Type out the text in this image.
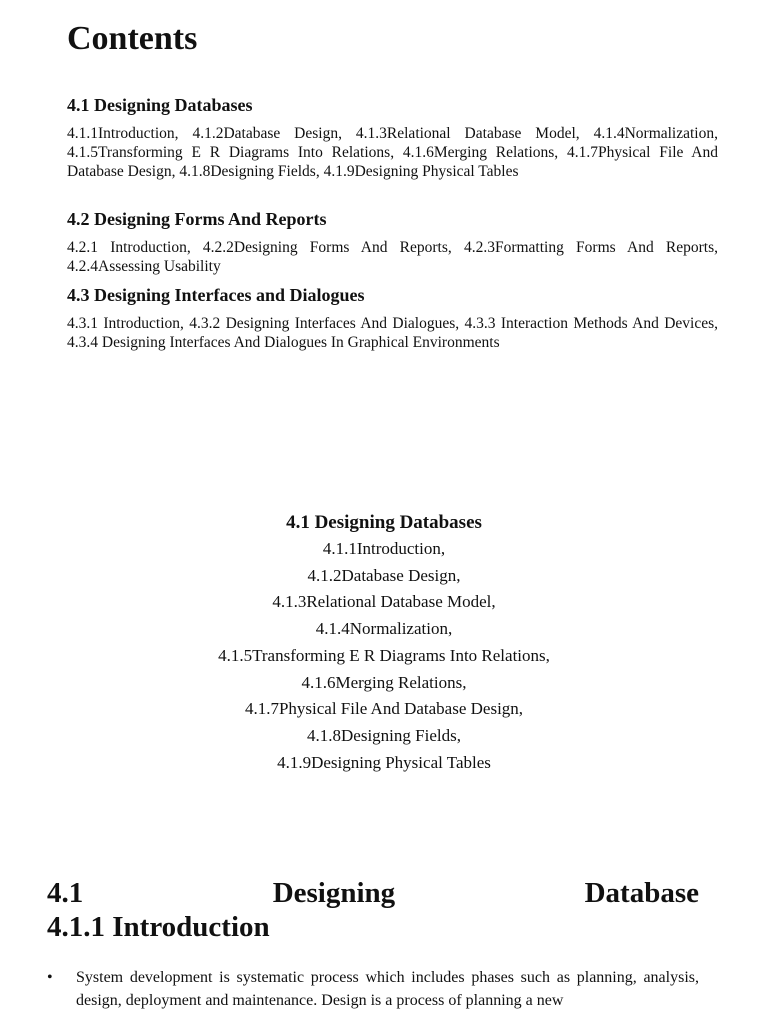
Contents

4.1 Designing Databases

4.1.1Introduction, 4.1.2Database Design, 4.1.3Relational Database Model, 4.1.4Normalization, 4.1.5Transforming E R Diagrams Into Relations, 4.1.6Merging Relations, 4.1.7Physical File And Database Design, 4.1.8Designing Fields, 4.1.9Designing Physical Tables

4.2 Designing Forms And Reports

4.2.1 Introduction, 4.2.2Designing Forms And Reports, 4.2.3Formatting Forms And Reports, 4.2.4Assessing Usability

4.3 Designing Interfaces and Dialogues

4.3.1 Introduction, 4.3.2 Designing Interfaces And Dialogues, 4.3.3 Interaction Methods And Devices, 4.3.4 Designing Interfaces And Dialogues In Graphical Environments

4.1 Designing Databases

4.1.1Introduction,

4.1.2Database Design,

4.1.3Relational Database Model,

4.1.4Normalization,

4.1.5Transforming E R Diagrams Into Relations,

4.1.6Merging Relations,

4.1.7Physical File And Database Design,

4.1.8Designing Fields,

4.1.9Designing Physical Tables

4.1	Designing	Database
4.1.1 Introduction
•	System development is systematic process which includes phases such as planning, analysis, design, deployment and maintenance. Design is a process of planning a new
